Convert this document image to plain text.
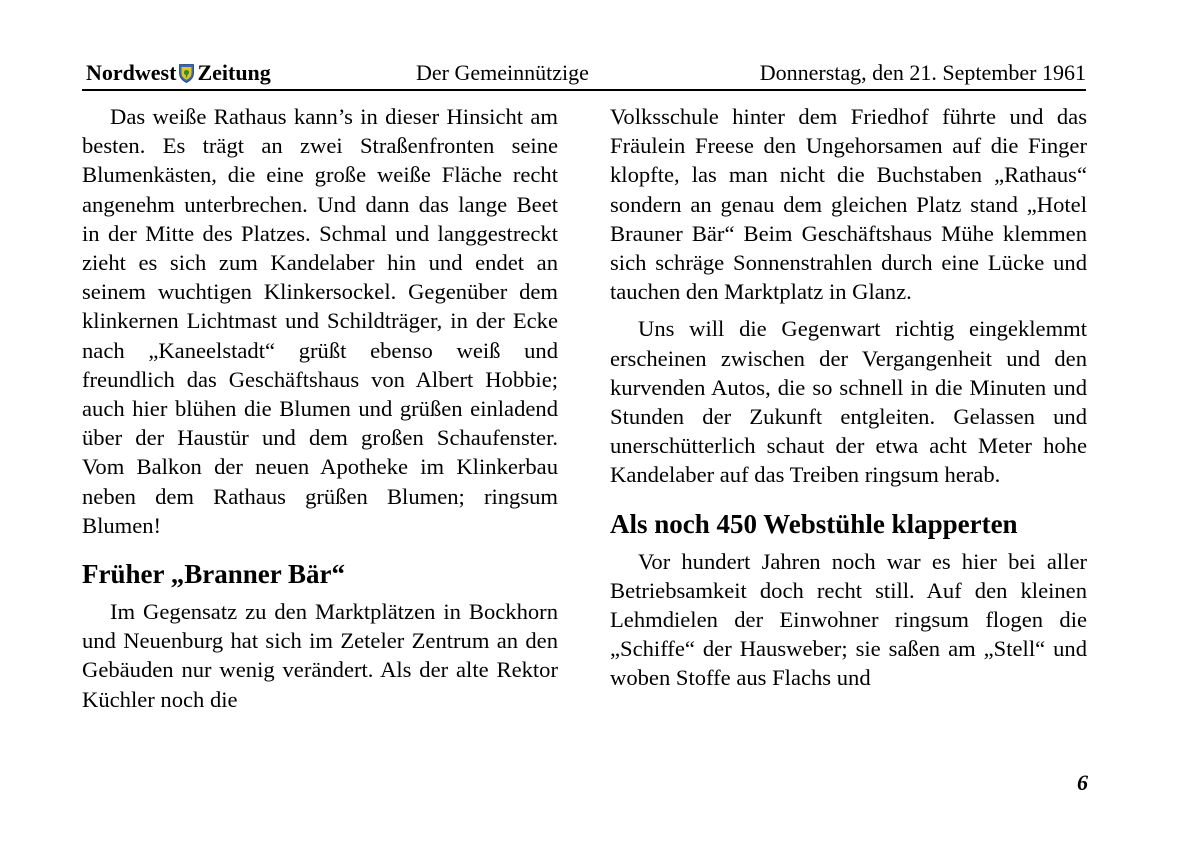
Nordwest Zeitung	Der Gemeinnützige	Donnerstag, den 21. September 1961

Das weiße Rathaus kann’s in dieser Hinsicht am besten. Es trägt an zwei Straßenfronten seine Blumenkästen, die eine große weiße Fläche recht angenehm unterbrechen. Und dann das lange Beet in der Mitte des Platzes. Schmal und langgestreckt zieht es sich zum Kandelaber hin und endet an seinem wuchtigen Klinkersockel. Gegenüber dem klinkernen Lichtmast und Schildträger, in der Ecke nach „Kaneelstadt“ grüßt ebenso weiß und freundlich das Geschäftshaus von Albert Hobbie; auch hier blühen die Blumen und grüßen einladend über der Haustür und dem großen Schaufenster. Vom Balkon der neuen Apotheke im Klinkerbau neben dem Rathaus grüßen Blumen; ringsum Blumen!

Früher „Branner Bär“

Im Gegensatz zu den Marktplätzen in Bockhorn und Neuenburg hat sich im Zeteler Zentrum an den Gebäuden nur wenig verändert. Als der alte Rektor Küchler noch die

Volksschule hinter dem Friedhof führte und das Fräulein Freese den Ungehorsamen auf die Finger klopfte, las man nicht die Buchstaben „Rathaus“ sondern an genau dem gleichen Platz stand „Hotel Brauner Bär“ Beim Geschäftshaus Mühe klemmen sich schräge Sonnenstrahlen durch eine Lücke und tauchen den Marktplatz in Glanz.

Uns will die Gegenwart richtig eingeklemmt erscheinen zwischen der Vergangenheit und den kurvenden Autos, die so schnell in die Minuten und Stunden der Zukunft entgleiten. Gelassen und unerschütterlich schaut der etwa acht Meter hohe Kandelaber auf das Treiben ringsum herab.

Als noch 450 Webstühle klapperten

Vor hundert Jahren noch war es hier bei aller Betriebsamkeit doch recht still. Auf den kleinen Lehmdielen der Einwohner ringsum flogen die „Schiffe“ der Hausweber; sie saßen am „Stell“ und woben Stoffe aus Flachs und

6
